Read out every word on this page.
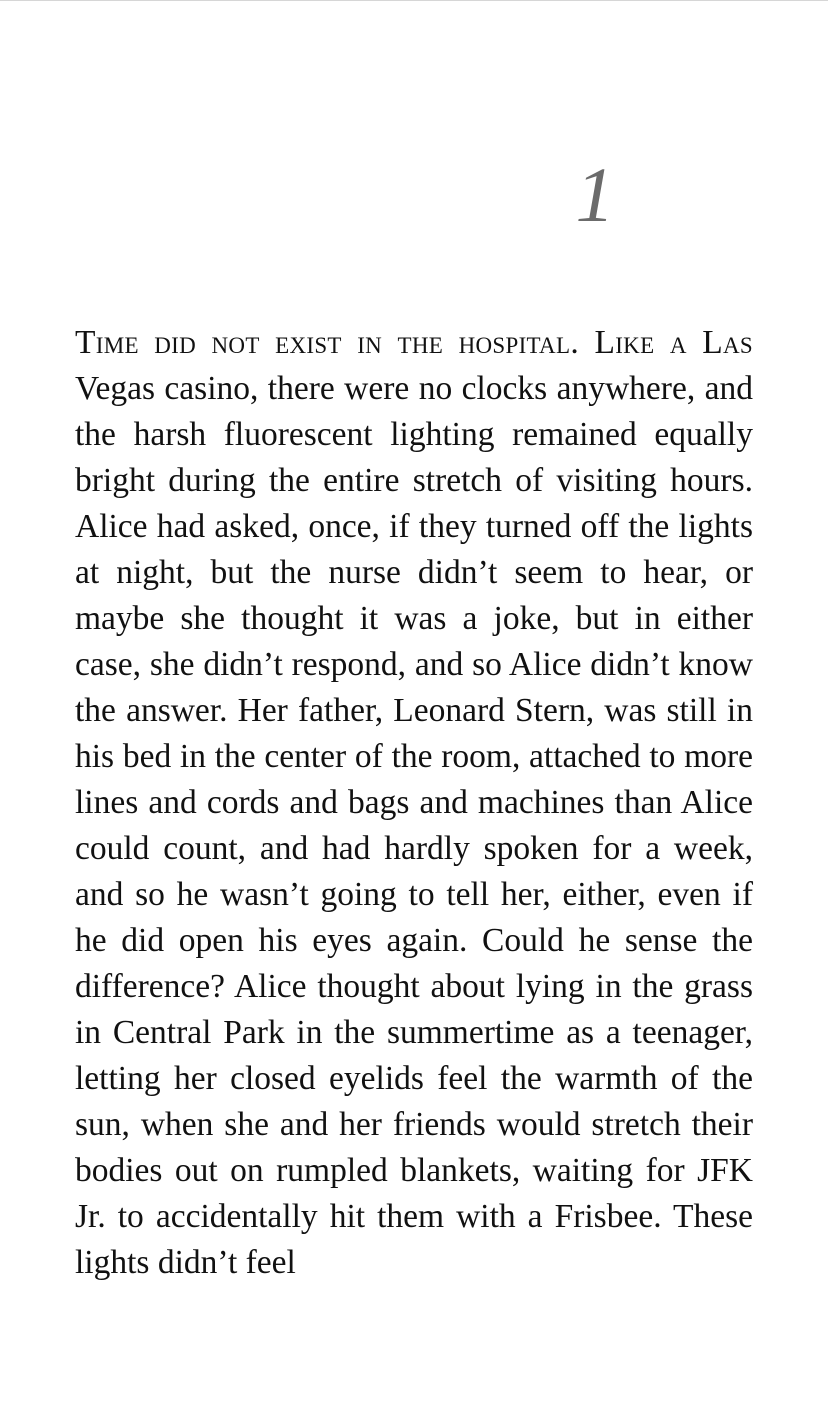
1

Time did not exist in the hospital. Like a Las Vegas casino, there were no clocks anywhere, and the harsh fluorescent lighting remained equally bright during the entire stretch of visiting hours. Alice had asked, once, if they turned off the lights at night, but the nurse didn’t seem to hear, or maybe she thought it was a joke, but in either case, she didn’t respond, and so Alice didn’t know the answer. Her father, Leonard Stern, was still in his bed in the center of the room, attached to more lines and cords and bags and machines than Alice could count, and had hardly spoken for a week, and so he wasn’t going to tell her, either, even if he did open his eyes again. Could he sense the difference? Alice thought about lying in the grass in Central Park in the summertime as a teenager, letting her closed eyelids feel the warmth of the sun, when she and her friends would stretch their bodies out on rumpled blankets, waiting for JFK Jr. to accidentally hit them with a Frisbee. These lights didn’t feel
